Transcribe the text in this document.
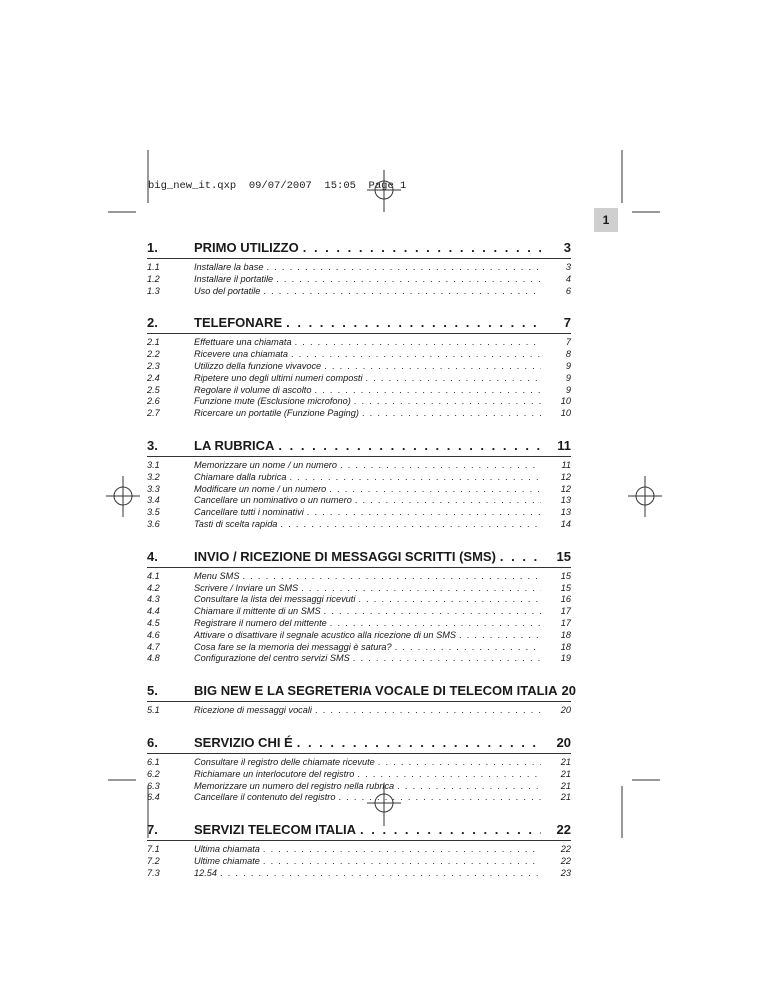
big_new_it.qxp  09/07/2007  15:05  Page 1
1
1.	PRIMO UTILIZZO . . .	3
1.1	Installare la base . . .	3
1.2	Installare il portatile . . .	4
1.3	Uso del portatile . . .	6
2.	TELEFONARE . . .	7
2.1	Effettuare una chiamata . . .	7
2.2	Ricevere una chiamata . . .	8
2.3	Utilizzo della funzione vivavoce . . .	9
2.4	Ripetere uno degli ultimi numeri composti . . .	9
2.5	Regolare il volume di ascolto . . .	9
2.6	Funzione mute (Esclusione microfono) . . .	10
2.7	Ricercare un portatile (Funzione Paging) . . .	10
3.	LA RUBRICA . . .	11
3.1	Memorizzare un nome / un numero . . .	11
3.2	Chiamare dalla rubrica . . .	12
3.3	Modificare un nome / un numero . . .	12
3.4	Cancellare un nominativo o un numero . . .	13
3.5	Cancellare tutti i nominativi . . .	13
3.6	Tasti di scelta rapida . . .	14
4.	INVIO / RICEZIONE DI MESSAGGI SCRITTI (SMS) . . .	15
4.1	Menu SMS . . .	15
4.2	Scrivere / Inviare un SMS . . .	15
4.3	Consultare la lista dei messaggi ricevuti . . .	16
4.4	Chiamare il mittente di un SMS . . .	17
4.5	Registrare il numero del mittente . . .	17
4.6	Attivare o disattivare il segnale acustico alla ricezione di un SMS . . .	18
4.7	Cosa fare se la memoria dei messaggi è satura? . . .	18
4.8	Configurazione del centro servizi SMS . . .	19
5.	BIG NEW E LA SEGRETERIA VOCALE DI TELECOM ITALIA 20
5.1	Ricezione di messaggi vocali . . .	20
6.	SERVIZIO CHI É . . .	20
6.1	Consultare il registro delle chiamate ricevute . . .	21
6.2	Richiamare un interlocutore del registro . . .	21
6.3	Memorizzare un numero del registro nella rubrica . . .	21
6.4	Cancellare il contenuto del registro . . .	21
7.	SERVIZI TELECOM ITALIA . . .	22
7.1	Ultima chiamata . . .	22
7.2	Ultime chiamate . . .	22
7.3	12.54 . . .	23
